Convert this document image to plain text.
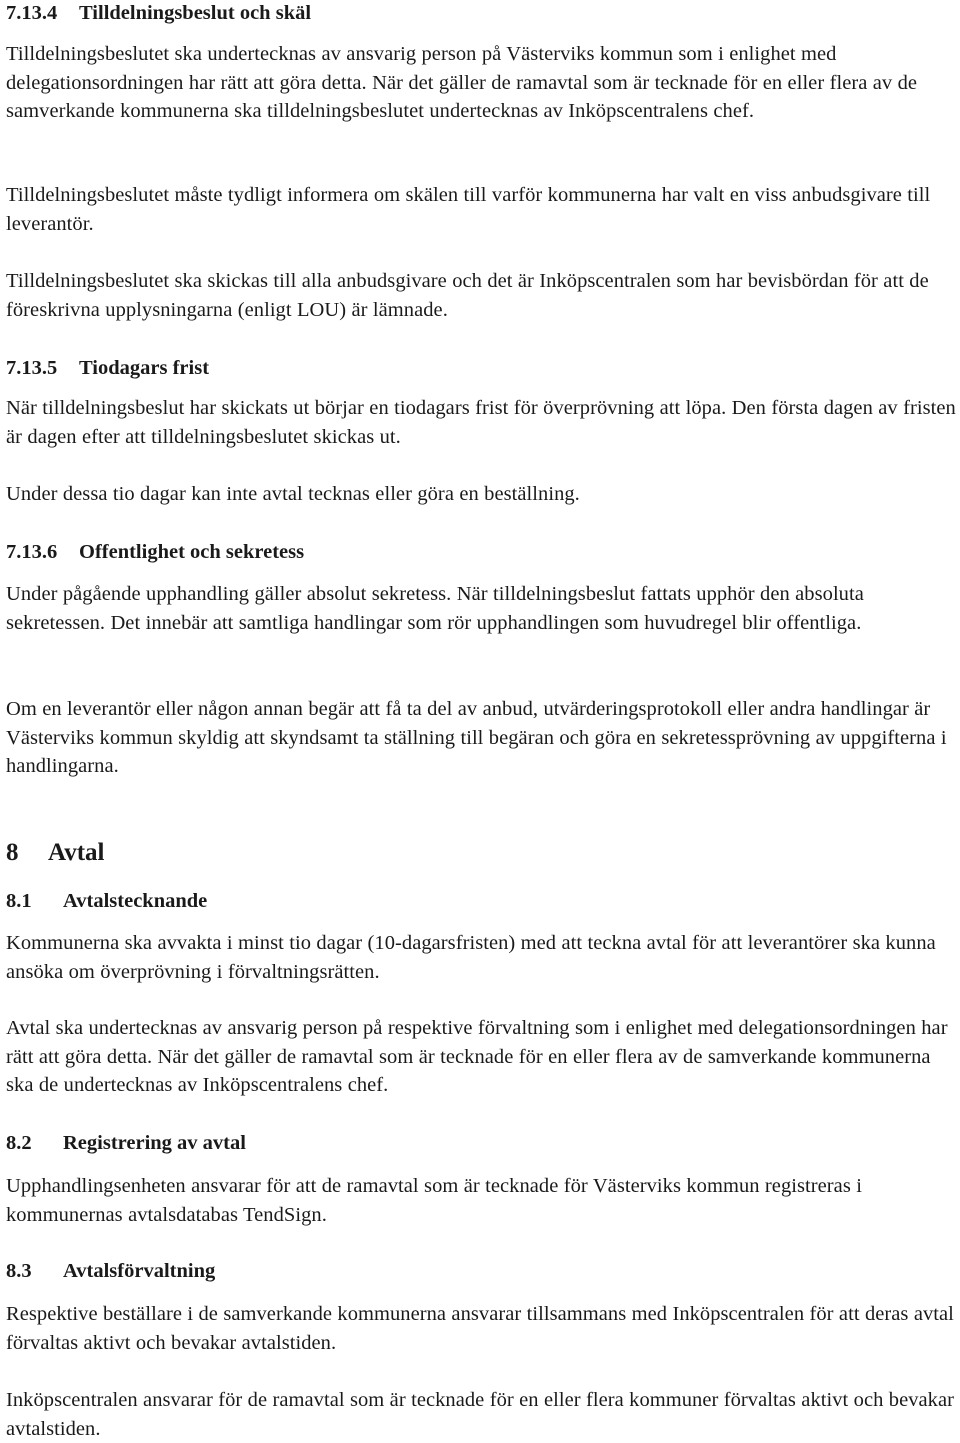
7.13.4 Tilldelningsbeslut och skäl

Tilldelningsbeslutet ska undertecknas av ansvarig person på Västerviks kommun som i enlighet med delegationsordningen har rätt att göra detta. När det gäller de ramavtal som är tecknade för en eller flera av de samverkande kommunerna ska tilldelningsbeslutet undertecknas av Inköpscentralens chef.

Tilldelningsbeslutet måste tydligt informera om skälen till varför kommunerna har valt en viss anbudsgivare till leverantör.

Tilldelningsbeslutet ska skickas till alla anbudsgivare och det är Inköpscentralen som har bevisbördan för att de föreskrivna upplysningarna (enligt LOU) är lämnade.

7.13.5 Tiodagars frist

När tilldelningsbeslut har skickats ut börjar en tiodagars frist för överprövning att löpa. Den första dagen av fristen är dagen efter att tilldelningsbeslutet skickas ut.

Under dessa tio dagar kan inte avtal tecknas eller göra en beställning.

7.13.6 Offentlighet och sekretess

Under pågående upphandling gäller absolut sekretess. När tilldelningsbeslut fattats upphör den absoluta sekretessen. Det innebär att samtliga handlingar som rör upphandlingen som huvudregel blir offentliga.

Om en leverantör eller någon annan begär att få ta del av anbud, utvärderingsprotokoll eller andra handlingar är Västerviks kommun skyldig att skyndsamt ta ställning till begäran och göra en sekretessprövning av uppgifterna i handlingarna.

8 Avtal
8.1 Avtalstecknande

Kommunerna ska avvakta i minst tio dagar (10-dagarsfristen) med att teckna avtal för att leverantörer ska kunna ansöka om överprövning i förvaltningsrätten.

Avtal ska undertecknas av ansvarig person på respektive förvaltning som i enlighet med delegationsordningen har rätt att göra detta. När det gäller de ramavtal som är tecknade för en eller flera av de samverkande kommunerna ska de undertecknas av Inköpscentralens chef.

8.2 Registrering av avtal

Upphandlingsenheten ansvarar för att de ramavtal som är tecknade för Västerviks kommun registreras i kommunernas avtalsdatabas TendSign.

8.3 Avtalsförvaltning

Respektive beställare i de samverkande kommunerna ansvarar tillsammans med Inköpscentralen för att deras avtal förvaltas aktivt och bevakar avtalstiden.

Inköpscentralen ansvarar för de ramavtal som är tecknade för en eller flera kommuner förvaltas aktivt och bevakar avtalstiden.
